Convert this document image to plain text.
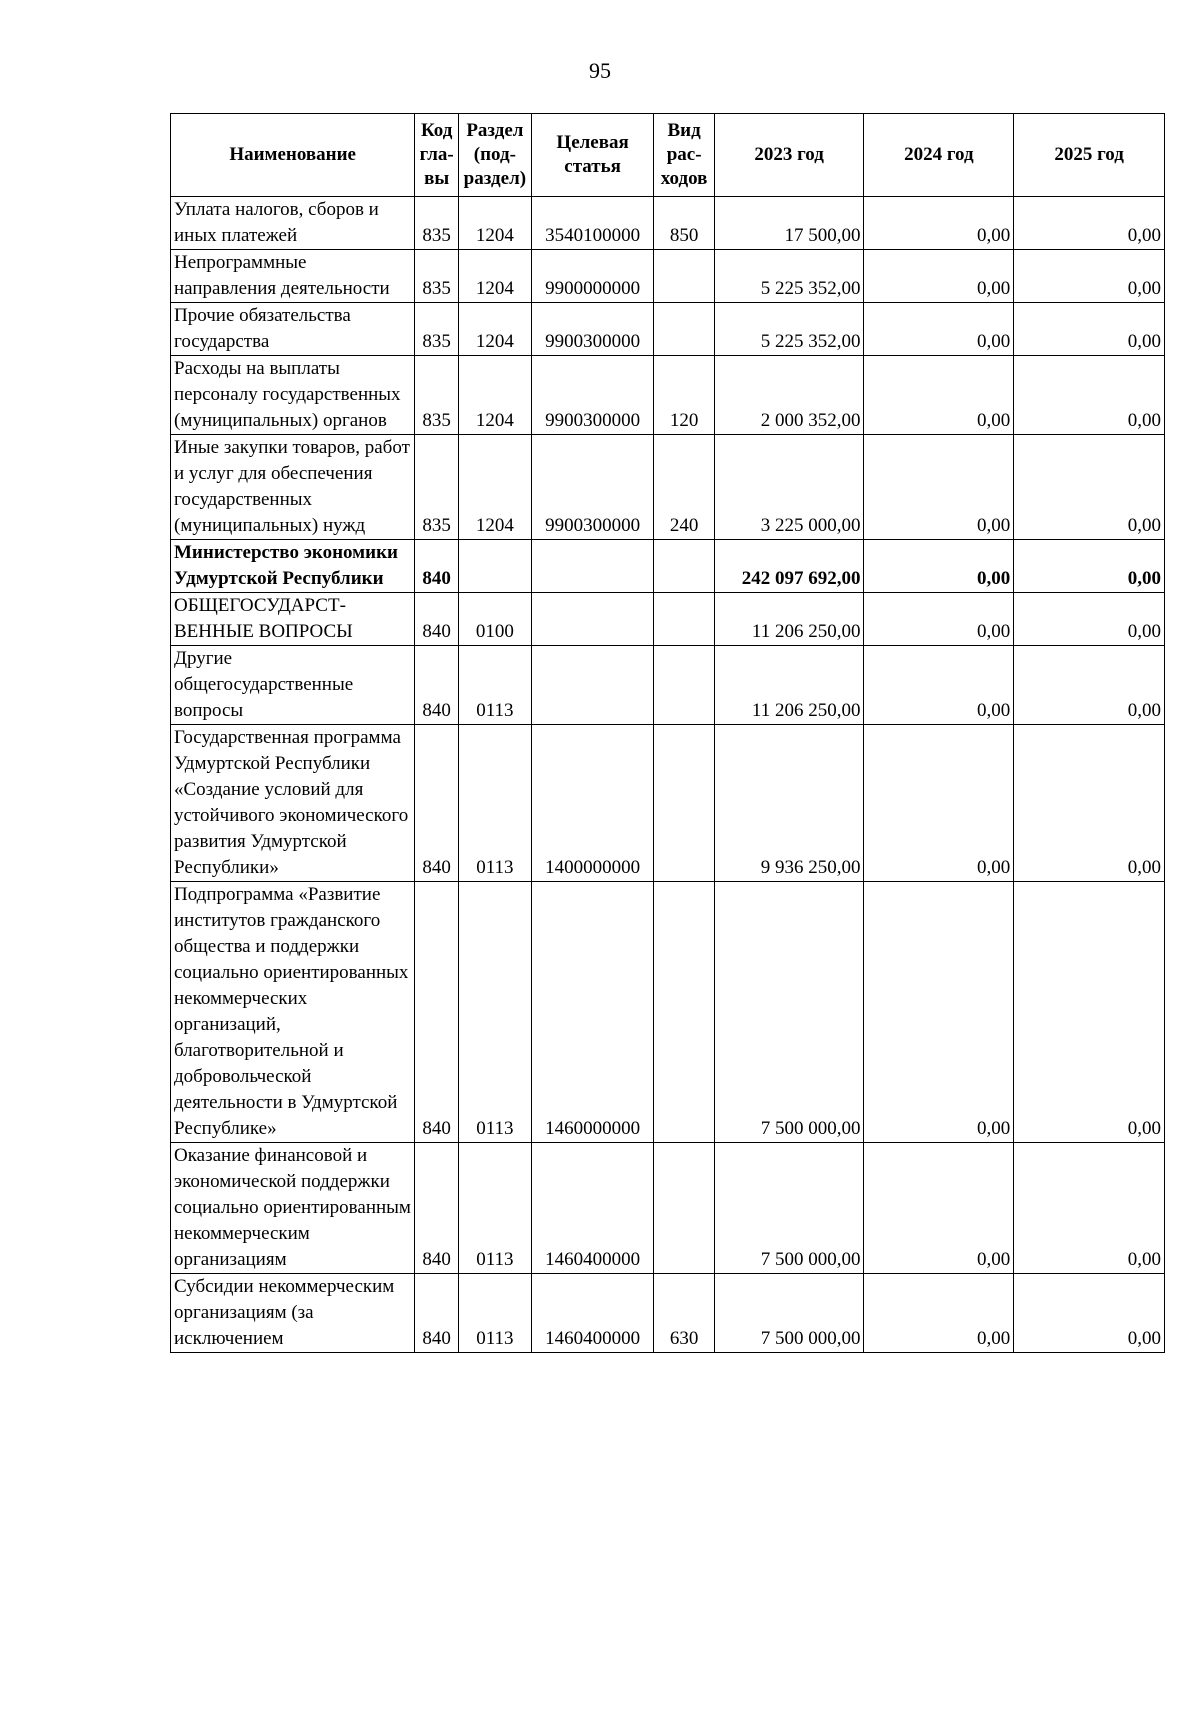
95
Наименование	Код гла-вы	Раздел (под-раздел)	Целевая статья	Вид рас-ходов	2023 год	2024 год	2025 год
Уплата налогов, сборов и иных платежей	835	1204	3540100000	850	17 500,00	0,00	0,00
Непрограммные направления деятельности	835	1204	9900000000		5 225 352,00	0,00	0,00
Прочие обязательства государства	835	1204	9900300000		5 225 352,00	0,00	0,00
Расходы на выплаты персоналу государственных (муниципальных) органов	835	1204	9900300000	120	2 000 352,00	0,00	0,00
Иные закупки товаров, работ и услуг для обеспечения государственных (муниципальных) нужд	835	1204	9900300000	240	3 225 000,00	0,00	0,00
Министерство экономики Удмуртской Республики	840				242 097 692,00	0,00	0,00
ОБЩЕГОСУДАРСТ-ВЕННЫЕ ВОПРОСЫ	840	0100			11 206 250,00	0,00	0,00
Другие общегосударственные вопросы	840	0113			11 206 250,00	0,00	0,00
Государственная программа Удмуртской Республики «Создание условий для устойчивого экономического развития Удмуртской Республики»	840	0113	1400000000		9 936 250,00	0,00	0,00
Подпрограмма «Развитие институтов гражданского общества и поддержки социально ориентированных некоммерческих организаций, благотворительной и добровольческой деятельности в Удмуртской Республике»	840	0113	1460000000		7 500 000,00	0,00	0,00
Оказание финансовой и экономической поддержки социально ориентированным некоммерческим организациям	840	0113	1460400000		7 500 000,00	0,00	0,00
Субсидии некоммерческим организациям (за исключением	840	0113	1460400000	630	7 500 000,00	0,00	0,00
